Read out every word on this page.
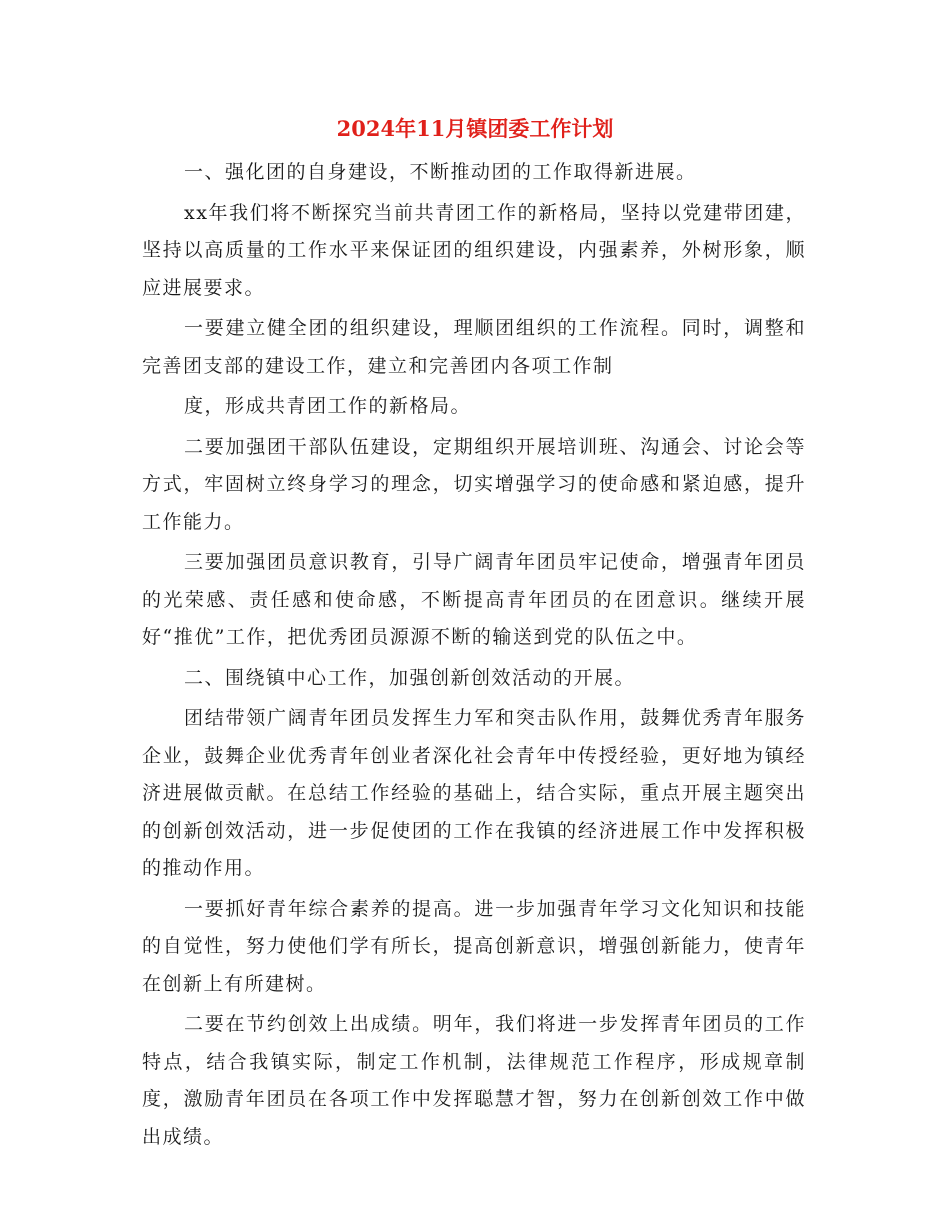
2024年11月镇团委工作计划

一、强化团的自身建设，不断推动团的工作取得新进展。

xx年我们将不断探究当前共青团工作的新格局，坚持以党建带团建，坚持以高质量的工作水平来保证团的组织建设，内强素养，外树形象，顺应进展要求。

一要建立健全团的组织建设，理顺团组织的工作流程。同时，调整和完善团支部的建设工作，建立和完善团内各项工作制

度，形成共青团工作的新格局。

二要加强团干部队伍建设，定期组织开展培训班、沟通会、讨论会等方式，牢固树立终身学习的理念，切实增强学习的使命感和紧迫感，提升工作能力。

三要加强团员意识教育，引导广阔青年团员牢记使命，增强青年团员的光荣感、责任感和使命感，不断提高青年团员的在团意识。继续开展好“推优”工作，把优秀团员源源不断的输送到党的队伍之中。

二、围绕镇中心工作，加强创新创效活动的开展。

团结带领广阔青年团员发挥生力军和突击队作用，鼓舞优秀青年服务企业，鼓舞企业优秀青年创业者深化社会青年中传授经验，更好地为镇经济进展做贡献。在总结工作经验的基础上，结合实际，重点开展主题突出的创新创效活动，进一步促使团的工作在我镇的经济进展工作中发挥积极的推动作用。

一要抓好青年综合素养的提高。进一步加强青年学习文化知识和技能的自觉性，努力使他们学有所长，提高创新意识，增强创新能力，使青年在创新上有所建树。

二要在节约创效上出成绩。明年，我们将进一步发挥青年团员的工作特点，结合我镇实际，制定工作机制，法律规范工作程序，形成规章制度，激励青年团员在各项工作中发挥聪慧才智，努力在创新创效工作中做出成绩。
